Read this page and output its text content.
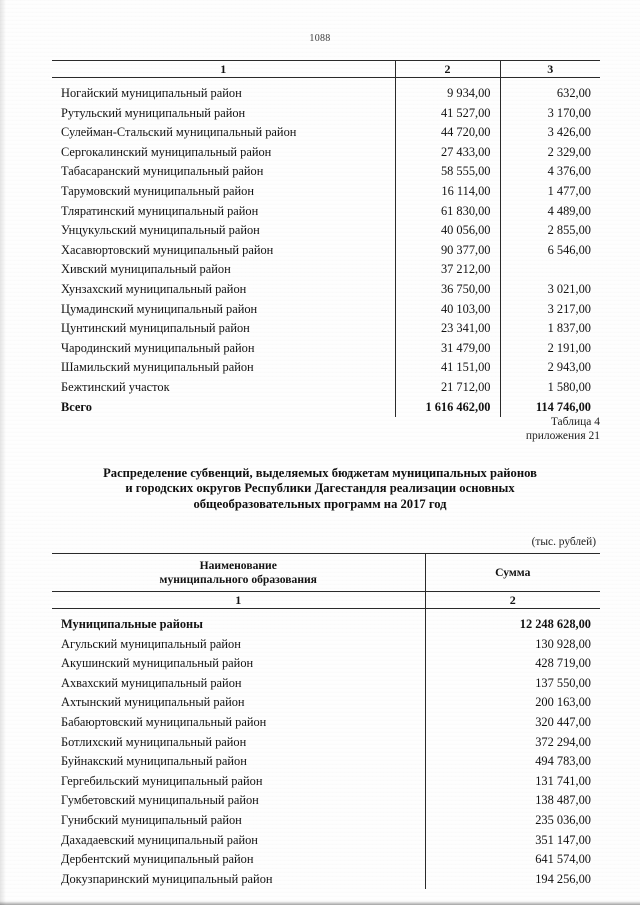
1088
1	2	3

Ногайский муниципальный район	9 934,00	632,00
Рутульский муниципальный район	41 527,00	3 170,00
Сулейман-Стальский муниципальный район	44 720,00	3 426,00
Сергокалинский муниципальный район	27 433,00	2 329,00
Табасаранский муниципальный район	58 555,00	4 376,00
Тарумовский муниципальный район	16 114,00	1 477,00
Тляратинский муниципальный район	61 830,00	4 489,00
Унцукульский муниципальный район	40 056,00	2 855,00
Хасавюртовский муниципальный район	90 377,00	6 546,00
Хивский муниципальный район	37 212,00	
Хунзахский муниципальный район	36 750,00	3 021,00
Цумадинский муниципальный район	40 103,00	3 217,00
Цунтинский муниципальный район	23 341,00	1 837,00
Чародинский муниципальный район	31 479,00	2 191,00
Шамильский муниципальный район	41 151,00	2 943,00
Бежтинский участок	21 712,00	1 580,00
Всего	1 616 462,00	114 746,00
Таблица 4
приложения 21
Распределение субвенций, выделяемых бюджетам муниципальных районов
и городских округов Республики Дагестандля реализации основных
общеобразовательных программ на 2017 год
(тыс. рублей)
Наименование
муниципального образования	Сумма
1	2

Муниципальные районы	12 248 628,00
Агульский муниципальный район	130 928,00
Акушинский муниципальный район	428 719,00
Ахвахский муниципальный район	137 550,00
Ахтынский муниципальный район	200 163,00
Бабаюртовский муниципальный район	320 447,00
Ботлихский муниципальный район	372 294,00
Буйнакский муниципальный район	494 783,00
Гергебильский муниципальный район	131 741,00
Гумбетовский муниципальный район	138 487,00
Гунибский муниципальный район	235 036,00
Дахадаевский муниципальный район	351 147,00
Дербентский муниципальный район	641 574,00
Докузпаринский муниципальный район	194 256,00
